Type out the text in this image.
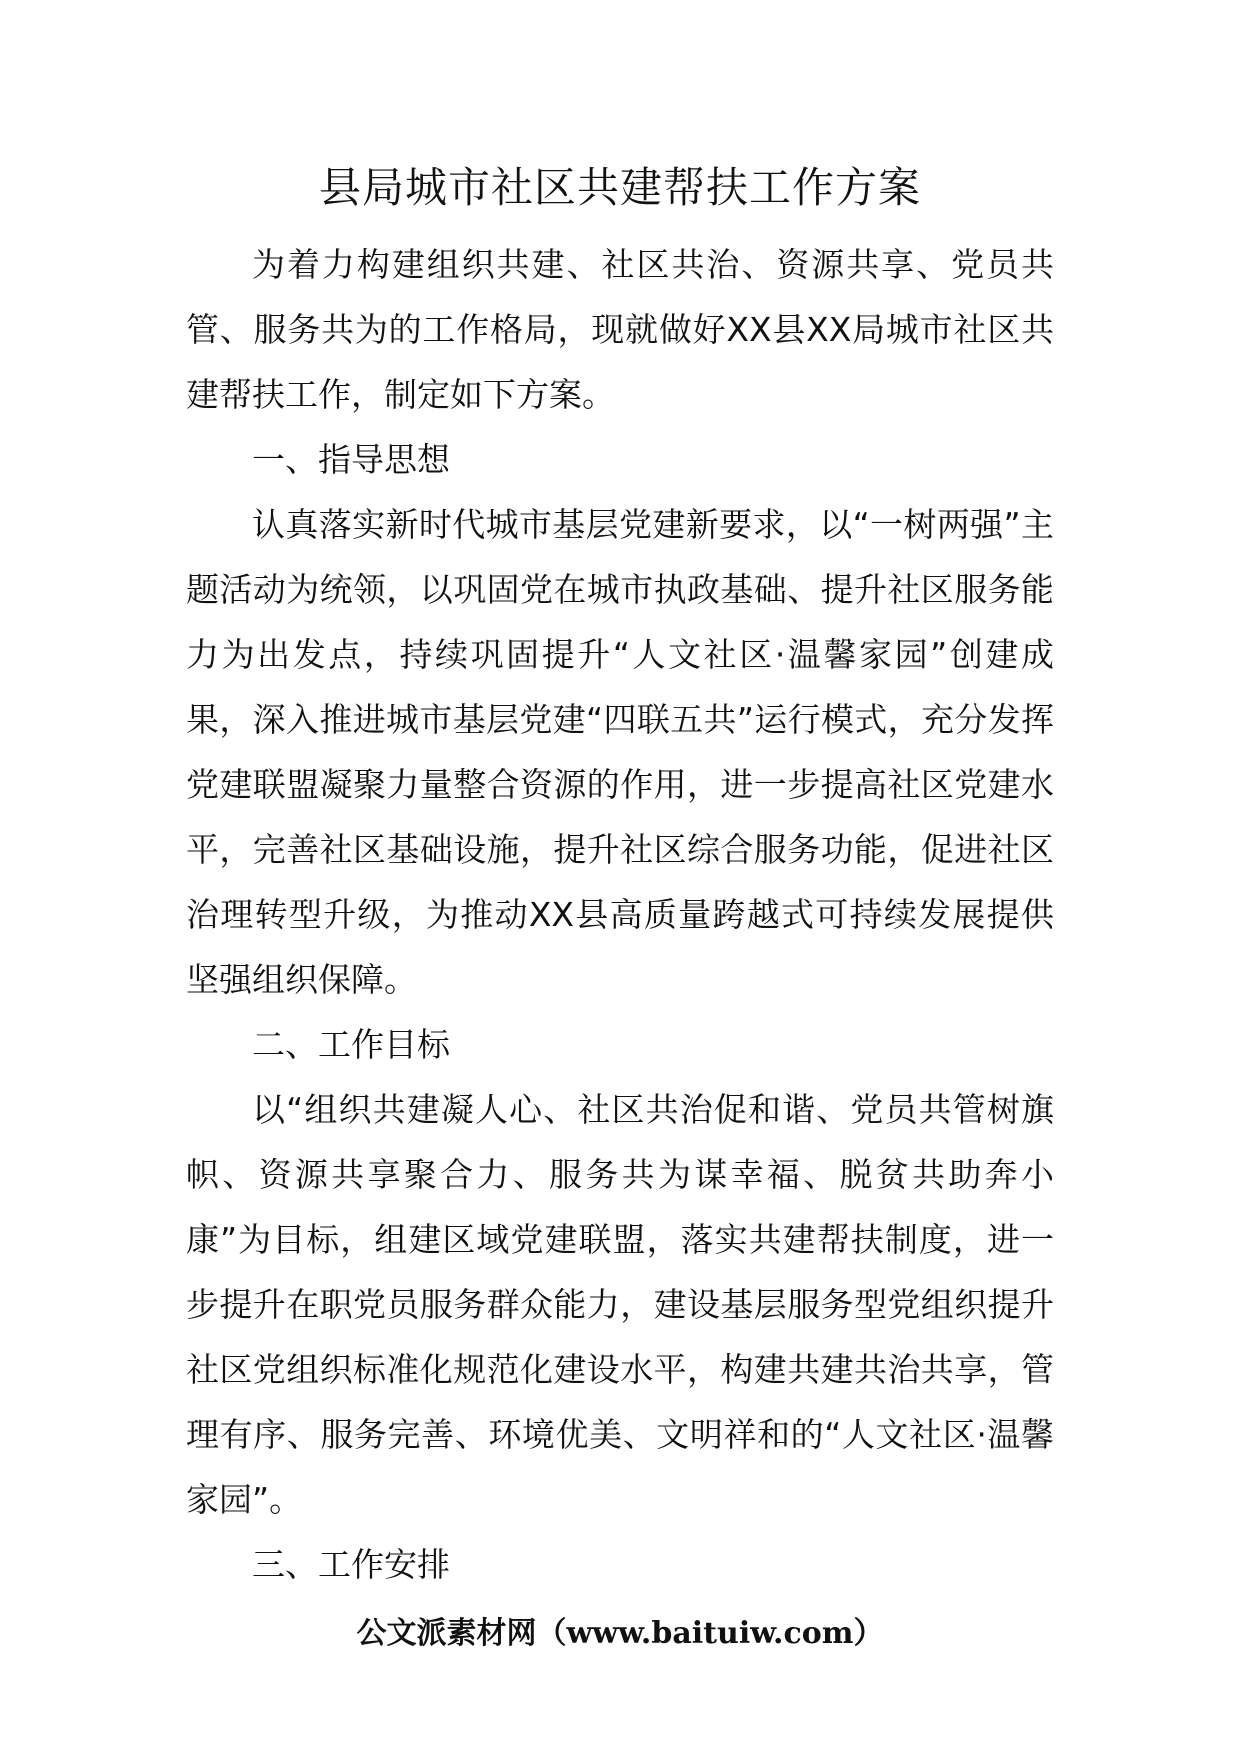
县局城市社区共建帮扶工作方案

为着力构建组织共建、社区共治、资源共享、党员共管、服务共为的工作格局，现就做好XX县XX局城市社区共建帮扶工作，制定如下方案。

一、指导思想

认真落实新时代城市基层党建新要求，以“一树两强”主题活动为统领，以巩固党在城市执政基础、提升社区服务能力为出发点，持续巩固提升“人文社区·温馨家园”创建成果，深入推进城市基层党建“四联五共”运行模式，充分发挥党建联盟凝聚力量整合资源的作用，进一步提高社区党建水平，完善社区基础设施，提升社区综合服务功能，促进社区治理转型升级，为推动XX县高质量跨越式可持续发展提供坚强组织保障。

二、工作目标

以“组织共建凝人心、社区共治促和谐、党员共管树旗帜、资源共享聚合力、服务共为谋幸福、脱贫共助奔小康”为目标，组建区域党建联盟，落实共建帮扶制度，进一步提升在职党员服务群众能力，建设基层服务型党组织提升社区党组织标准化规范化建设水平，构建共建共治共享，管理有序、服务完善、环境优美、文明祥和的“人文社区·温馨家园”。

三、工作安排

公文派素材网（www.baituiw.com）
